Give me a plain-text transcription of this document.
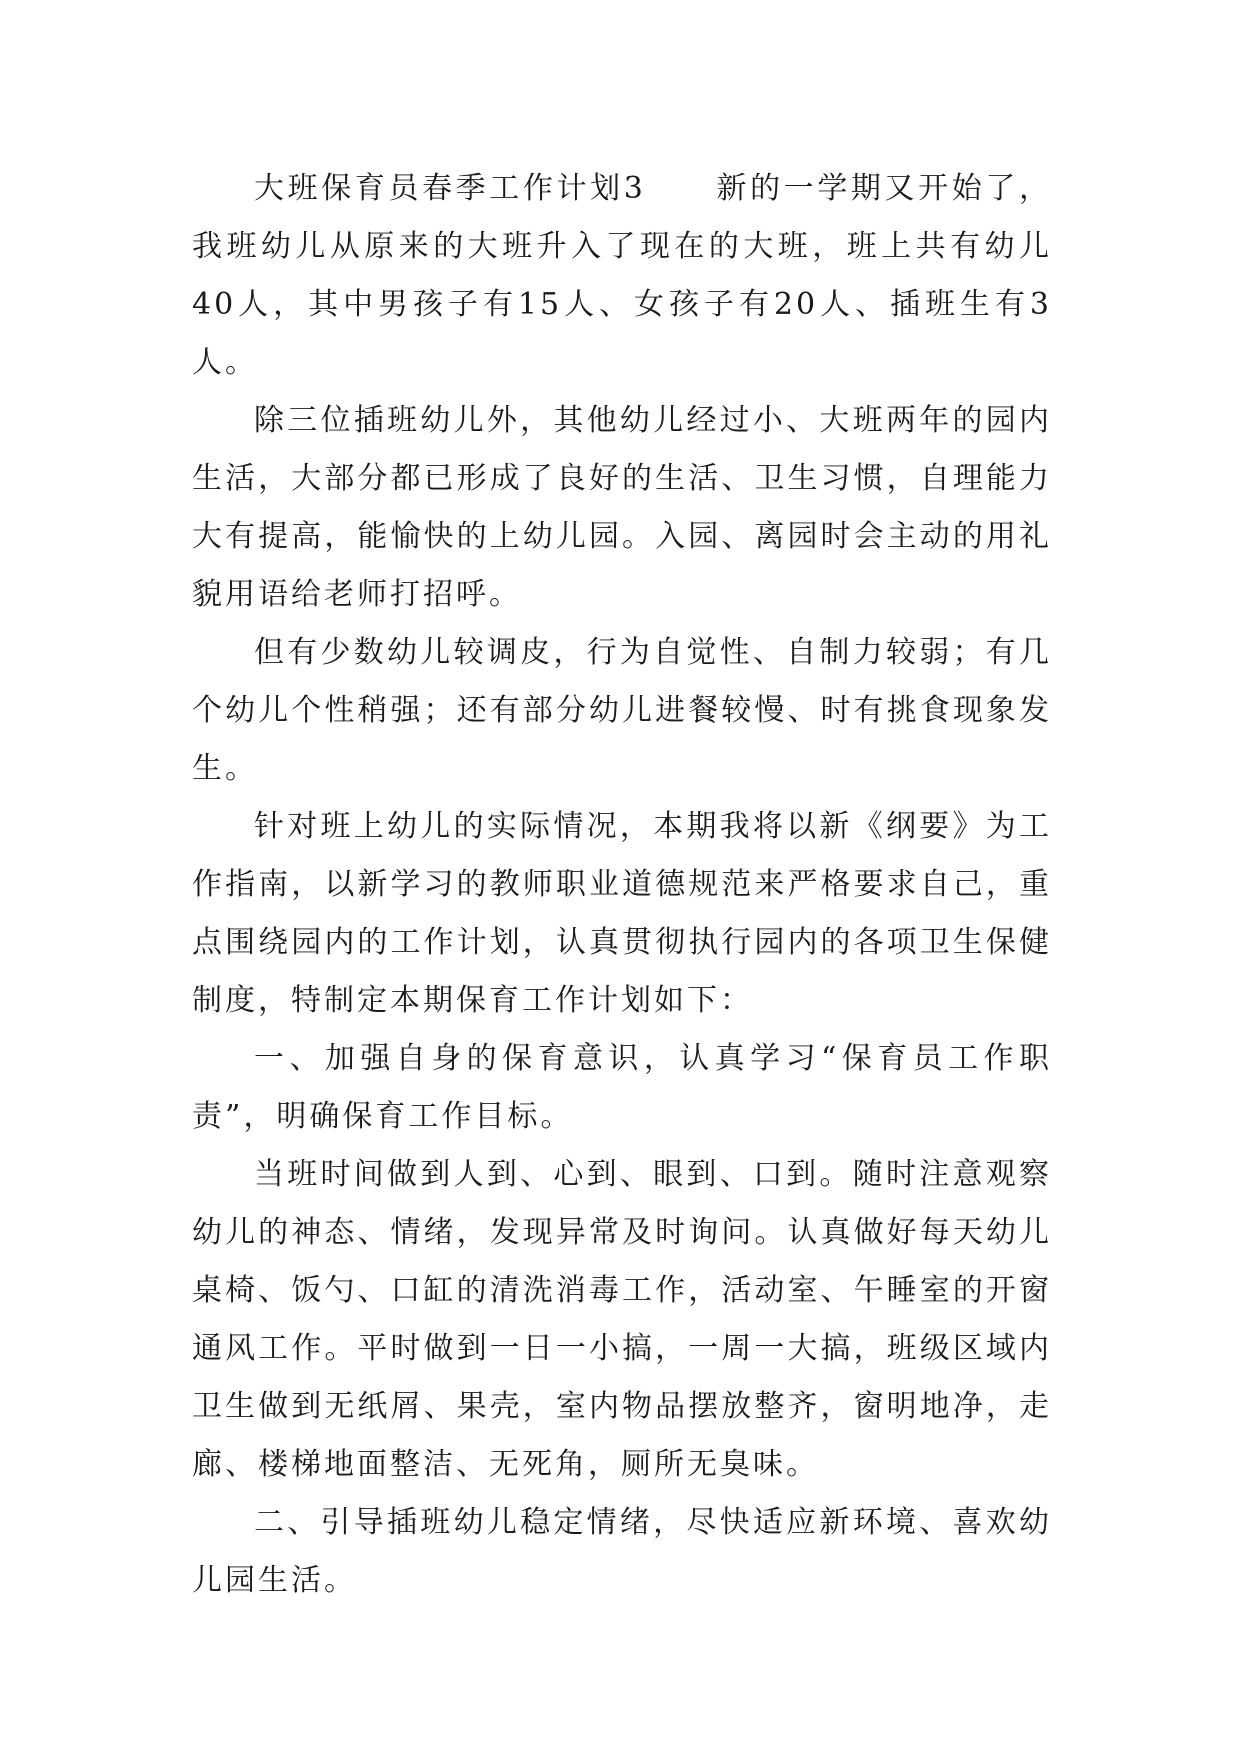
大班保育员春季工作计划3 新的一学期又开始了，我班幼儿从原来的大班升入了现在的大班，班上共有幼儿40人，其中男孩子有15人、女孩子有20人、插班生有3人。

除三位插班幼儿外，其他幼儿经过小、大班两年的园内生活，大部分都已形成了良好的生活、卫生习惯，自理能力大有提高，能愉快的上幼儿园。入园、离园时会主动的用礼貌用语给老师打招呼。

但有少数幼儿较调皮，行为自觉性、自制力较弱；有几个幼儿个性稍强；还有部分幼儿进餐较慢、时有挑食现象发生。

针对班上幼儿的实际情况，本期我将以新《纲要》为工作指南，以新学习的教师职业道德规范来严格要求自己，重点围绕园内的工作计划，认真贯彻执行园内的各项卫生保健制度，特制定本期保育工作计划如下：

一、加强自身的保育意识，认真学习“保育员工作职责”，明确保育工作目标。

当班时间做到人到、心到、眼到、口到。随时注意观察幼儿的神态、情绪，发现异常及时询问。认真做好每天幼儿桌椅、饭勺、口缸的清洗消毒工作，活动室、午睡室的开窗通风工作。平时做到一日一小搞，一周一大搞，班级区域内卫生做到无纸屑、果壳，室内物品摆放整齐，窗明地净，走廊、楼梯地面整洁、无死角，厕所无臭味。

二、引导插班幼儿稳定情绪，尽快适应新环境、喜欢幼儿园生活。
